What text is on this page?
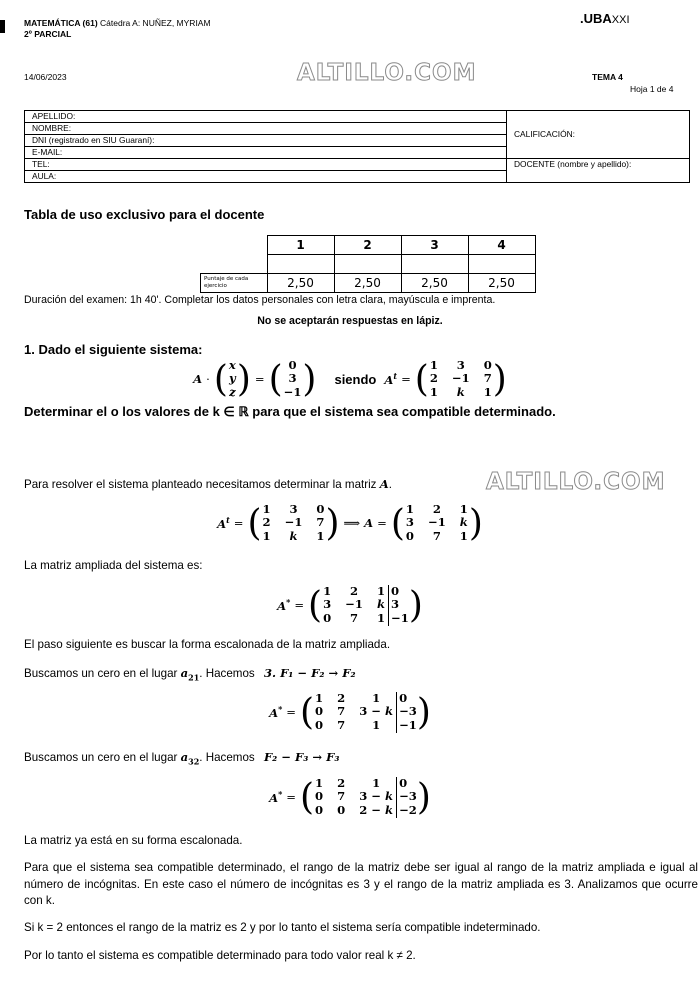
MATEMÁTICA (61) Cátedra A: NUÑEZ, MYRIAM
2º PARCIAL
.UBAXXI
14/06/2023	ALTILLO.COM	TEMA 4
Hoja 1 de 4
APELLIDO:	CALIFICACIÓN:
NOMBRE:	
DNI (registrado en SIU Guaraní):	
E-MAIL:	
TEL:	DOCENTE (nombre y apellido):
AULA:	
Tabla de uso exclusivo para el docente
	1	2	3	4

Puntaje de cada ejercicio	2,50	2,50	2,50	2,50
Duración del examen: 1h 40'. Completar los datos personales con letra clara, mayúscula e imprenta.
No se aceptarán respuestas en lápiz.
1. Dado el siguiente sistema:
A · ( x
y
z ) = ( 0
3
−1 ) siendo $A^t$ = ( 1	3	0
2 −1 7
1	k	1 )
Determinar el o los valores de k ∈ ℝ para que el sistema sea compatible determinado.
Para resolver el sistema planteado necesitamos determinar la matriz A.	ALTILLO.COM
$A^t$ = ( 1	3	0
2 −1 7
1	k	1 ) ⟹ A = ( 1	2	1
3 −1 k
0	7	1 )
La matriz ampliada del sistema es:
A* = ( 1	2	1
3 −1 k
0	7	1
0
3
−1 )
El paso siguiente es buscar la forma escalonada de la matriz ampliada.
Buscamos un cero en el lugar $a_{21}$. Hacemos 3. F₁ − F₂ → F₂
A* = ( 1 2	1
0 7 3 − k
0 7	1
0
−3
−1 )
Buscamos un cero en el lugar $a_{32}$. Hacemos F₂ − F₃ → F₃
A* = ( 1 2	1
0 7 3 − k
0 0 2 − k
0
−3
−2 )
La matriz ya está en su forma escalonada.
Para que el sistema sea compatible determinado, el rango de la matriz debe ser igual al rango de la matriz ampliada e igual al número de incógnitas. En este caso el número de incógnitas es 3 y el rango de la matriz ampliada es 3. Analizamos que ocurre con k.
Si k = 2 entonces el rango de la matriz es 2 y por lo tanto el sistema sería compatible indeterminado.
Por lo tanto el sistema es compatible determinado para todo valor real k ≠ 2.
